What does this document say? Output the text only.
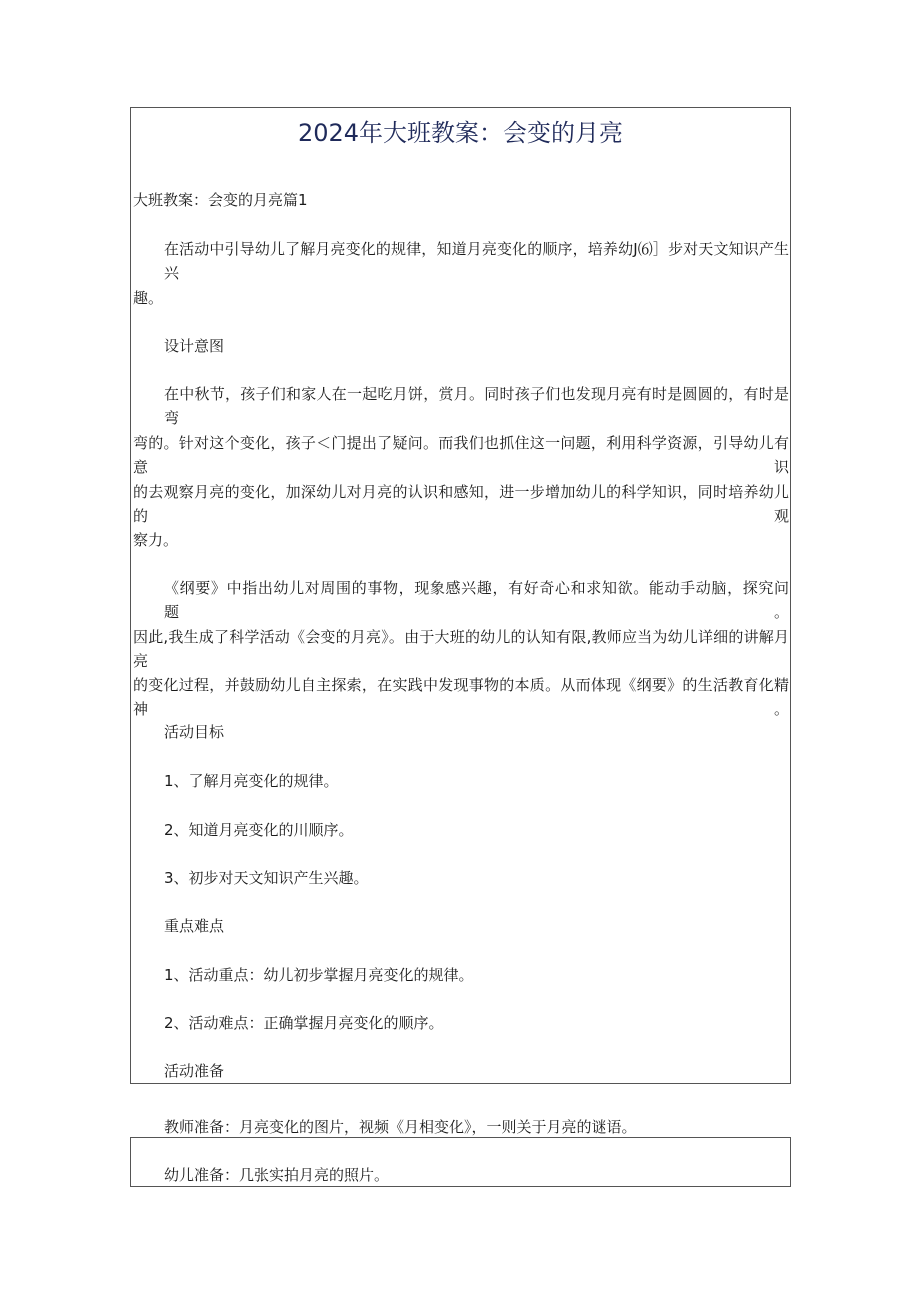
2024年大班教案：会变的月亮

大班教案：会变的月亮篇1

在活动中引导幼儿了解月亮变化的规律，知道月亮变化的顺序，培养幼J⑹］步对天文知识产生兴

趣。

设计意图

在中秋节，孩子们和家人在一起吃月饼，赏月。同时孩子们也发现月亮有时是圆圆的，有时是弯

弯的。针对这个变化，孩子＜门提出了疑问。而我们也抓住这一问题，利用科学资源，引导幼儿有意识

的去观察月亮的变化，加深幼儿对月亮的认识和感知，进一步增加幼儿的科学知识，同时培养幼儿的观

察力。

《纲要》中指出幼儿对周围的事物，现象感兴趣，有好奇心和求知欲。能动手动脑，探究问题。

因此,我生成了科学活动《会变的月亮》。由于大班的幼儿的认知有限,教师应当为幼儿详细的讲解月亮

的变化过程，并鼓励幼儿自主探索，在实践中发现事物的本质。从而体现《纲要》的生活教育化精神。

活动目标

1、了解月亮变化的规律。

2、知道月亮变化的川顺序。

3、初步对天文知识产生兴趣。

重点难点

1、活动重点：幼儿初步掌握月亮变化的规律。

2、活动难点：正确掌握月亮变化的顺序。

活动准备

教师准备：月亮变化的图片，视频《月相变化》，一则关于月亮的谜语。

幼儿准备：几张实拍月亮的照片。
